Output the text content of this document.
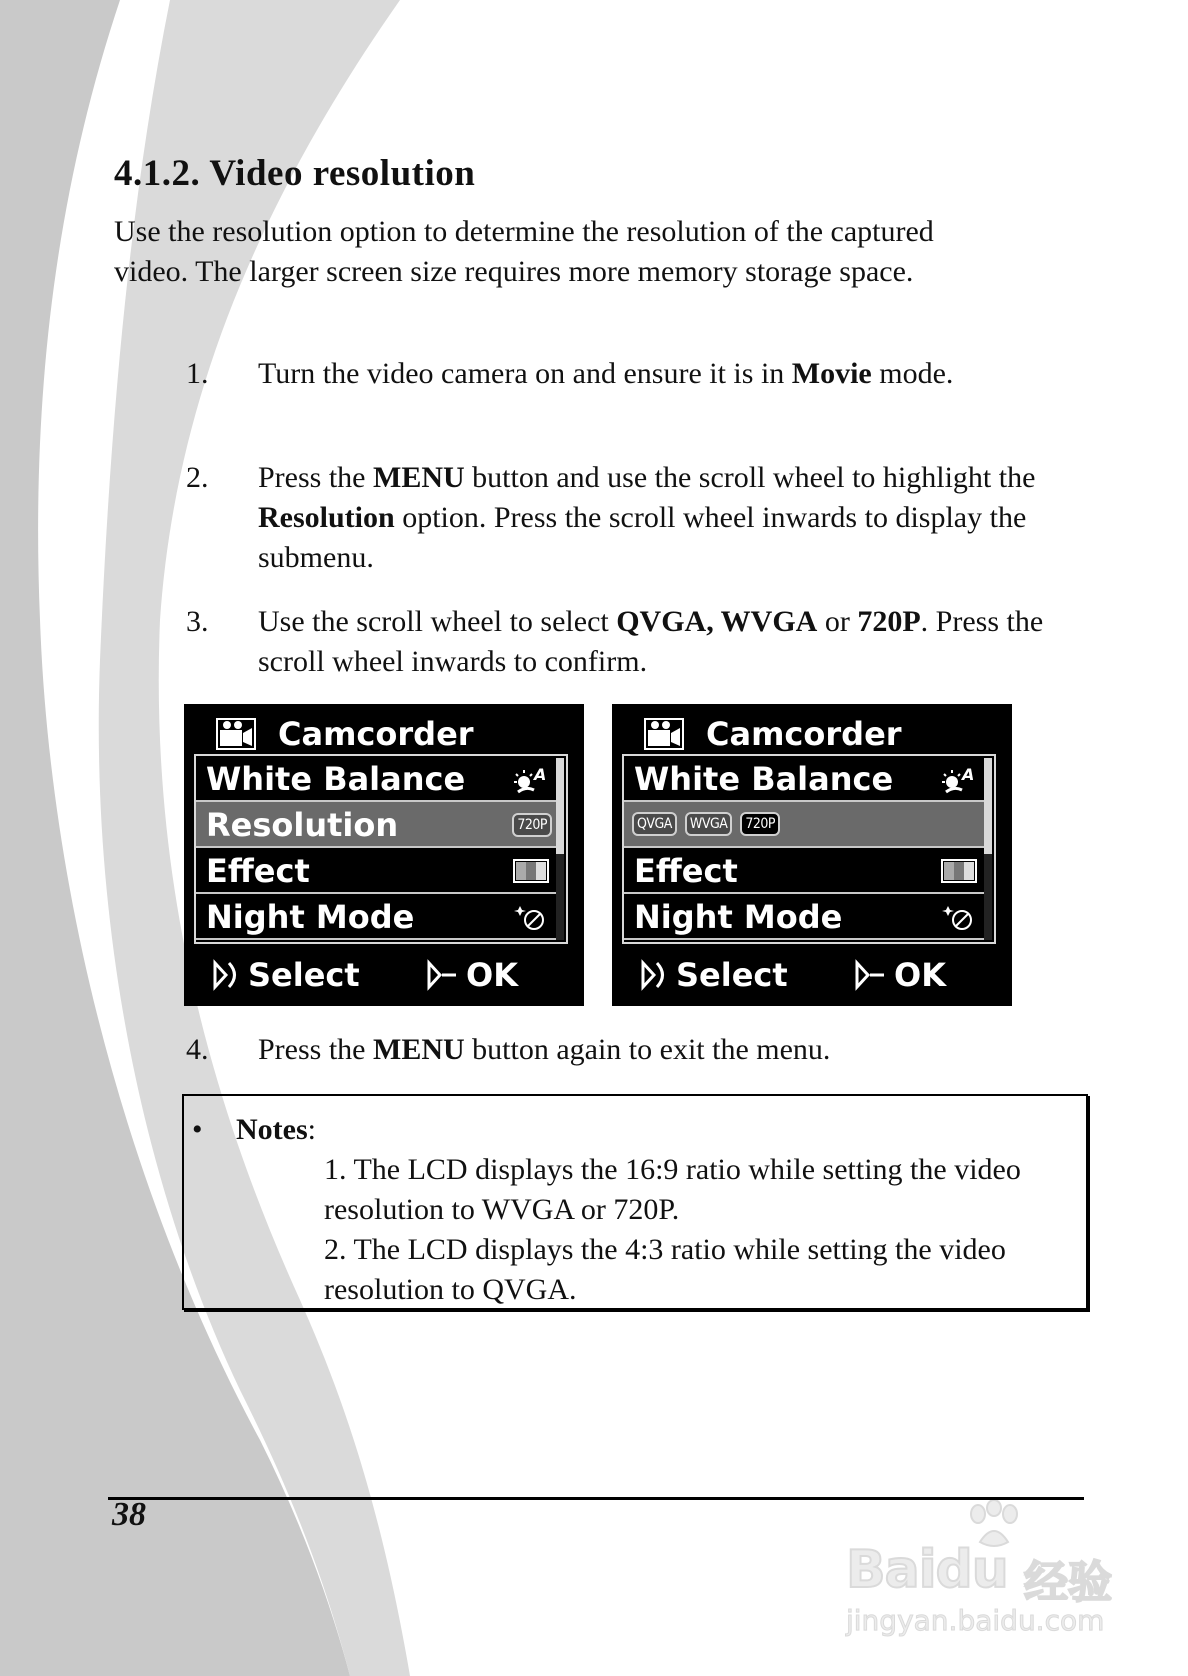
4.1.2. Video resolution
Use the resolution option to determine the resolution of the captured video. The larger screen size requires more memory storage space.
1. Turn the video camera on and ensure it is in Movie mode.
2. Press the MENU button and use the scroll wheel to highlight the Resolution option. Press the scroll wheel inwards to display the submenu.
3. Use the scroll wheel to select QVGA, WVGA or 720P. Press the scroll wheel inwards to confirm.
Camcorder
White Balance	A
Resolution	720P
Effect
Night Mode
Select	OK
Camcorder
White Balance	A
QVGA	WVGA	720P
Effect
Night Mode
Select	OK
4. Press the MENU button again to exit the menu.
• Notes:
1. The LCD displays the 16:9 ratio while setting the video resolution to WVGA or 720P.
2. The LCD displays the 4:3 ratio while setting the video resolution to QVGA.
38
Baidu 经验
jingyan.baidu.com
